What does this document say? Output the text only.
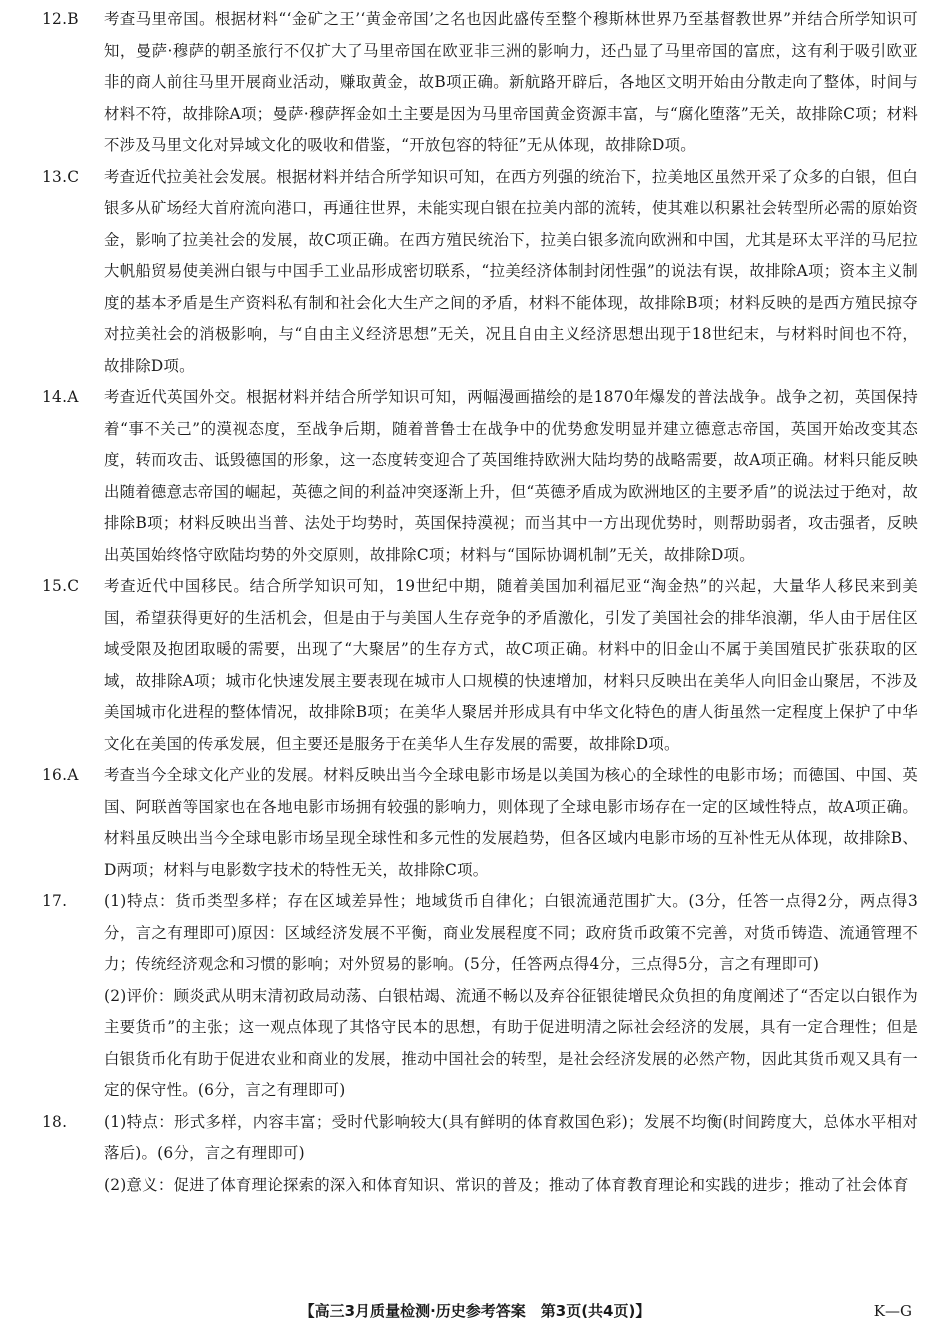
12.B	考查马里帝国。根据材料“‘金矿之王’‘黄金帝国’之名也因此盛传至整个穆斯林世界乃至基督教世界”并结合所学知识可知，曼萨·穆萨的朝圣旅行不仅扩大了马里帝国在欧亚非三洲的影响力，还凸显了马里帝国的富庶，这有利于吸引欧亚非的商人前往马里开展商业活动，赚取黄金，故B项正确。新航路开辟后，各地区文明开始由分散走向了整体，时间与材料不符，故排除A项；曼萨·穆萨挥金如土主要是因为马里帝国黄金资源丰富，与“腐化堕落”无关，故排除C项；材料不涉及马里文化对异域文化的吸收和借鉴，“开放包容的特征”无从体现，故排除D项。

13.C	考查近代拉美社会发展。根据材料并结合所学知识可知，在西方列强的统治下，拉美地区虽然开采了众多的白银，但白银多从矿场经大首府流向港口，再通往世界，未能实现白银在拉美内部的流转，使其难以积累社会转型所必需的原始资金，影响了拉美社会的发展，故C项正确。在西方殖民统治下，拉美白银多流向欧洲和中国，尤其是环太平洋的马尼拉大帆船贸易使美洲白银与中国手工业品形成密切联系，“拉美经济体制封闭性强”的说法有误，故排除A项；资本主义制度的基本矛盾是生产资料私有制和社会化大生产之间的矛盾，材料不能体现，故排除B项；材料反映的是西方殖民掠夺对拉美社会的消极影响，与“自由主义经济思想”无关，况且自由主义经济思想出现于18世纪末，与材料时间也不符，故排除D项。

14.A	考查近代英国外交。根据材料并结合所学知识可知，两幅漫画描绘的是1870年爆发的普法战争。战争之初，英国保持着“事不关己”的漠视态度，至战争后期，随着普鲁士在战争中的优势愈发明显并建立德意志帝国，英国开始改变其态度，转而攻击、诋毁德国的形象，这一态度转变迎合了英国维持欧洲大陆均势的战略需要，故A项正确。材料只能反映出随着德意志帝国的崛起，英德之间的利益冲突逐渐上升，但“英德矛盾成为欧洲地区的主要矛盾”的说法过于绝对，故排除B项；材料反映出当普、法处于均势时，英国保持漠视；而当其中一方出现优势时，则帮助弱者，攻击强者，反映出英国始终恪守欧陆均势的外交原则，故排除C项；材料与“国际协调机制”无关，故排除D项。

15.C	考查近代中国移民。结合所学知识可知，19世纪中期，随着美国加利福尼亚“淘金热”的兴起，大量华人移民来到美国，希望获得更好的生活机会，但是由于与美国人生存竞争的矛盾激化，引发了美国社会的排华浪潮，华人由于居住区域受限及抱团取暖的需要，出现了“大聚居”的生存方式，故C项正确。材料中的旧金山不属于美国殖民扩张获取的区域，故排除A项；城市化快速发展主要表现在城市人口规模的快速增加，材料只反映出在美华人向旧金山聚居，不涉及美国城市化进程的整体情况，故排除B项；在美华人聚居并形成具有中华文化特色的唐人街虽然一定程度上保护了中华文化在美国的传承发展，但主要还是服务于在美华人生存发展的需要，故排除D项。

16.A	考查当今全球文化产业的发展。材料反映出当今全球电影市场是以美国为核心的全球性的电影市场；而德国、中国、英国、阿联酋等国家也在各地电影市场拥有较强的影响力，则体现了全球电影市场存在一定的区域性特点，故A项正确。材料虽反映出当今全球电影市场呈现全球性和多元性的发展趋势，但各区域内电影市场的互补性无从体现，故排除B、D两项；材料与电影数字技术的特性无关，故排除C项。

17.	(1)特点：货币类型多样；存在区域差异性；地域货币自律化；白银流通范围扩大。(3分，任答一点得2分，两点得3分，言之有理即可)原因：区域经济发展不平衡，商业发展程度不同；政府货币政策不完善，对货币铸造、流通管理不力；传统经济观念和习惯的影响；对外贸易的影响。(5分，任答两点得4分，三点得5分，言之有理即可)

(2)评价：顾炎武从明末清初政局动荡、白银枯竭、流通不畅以及弃谷征银徒增民众负担的角度阐述了“否定以白银作为主要货币”的主张；这一观点体现了其恪守民本的思想，有助于促进明清之际社会经济的发展，具有一定合理性；但是白银货币化有助于促进农业和商业的发展，推动中国社会的转型，是社会经济发展的必然产物，因此其货币观又具有一定的保守性。(6分，言之有理即可)

18.	(1)特点：形式多样，内容丰富；受时代影响较大(具有鲜明的体育救国色彩)；发展不均衡(时间跨度大，总体水平相对落后)。(6分，言之有理即可)

(2)意义：促进了体育理论探索的深入和体育知识、常识的普及；推动了体育教育理论和实践的进步；推动了社会体育

【高三3月质量检测·历史参考答案　第3页(共4页)】	K—G
